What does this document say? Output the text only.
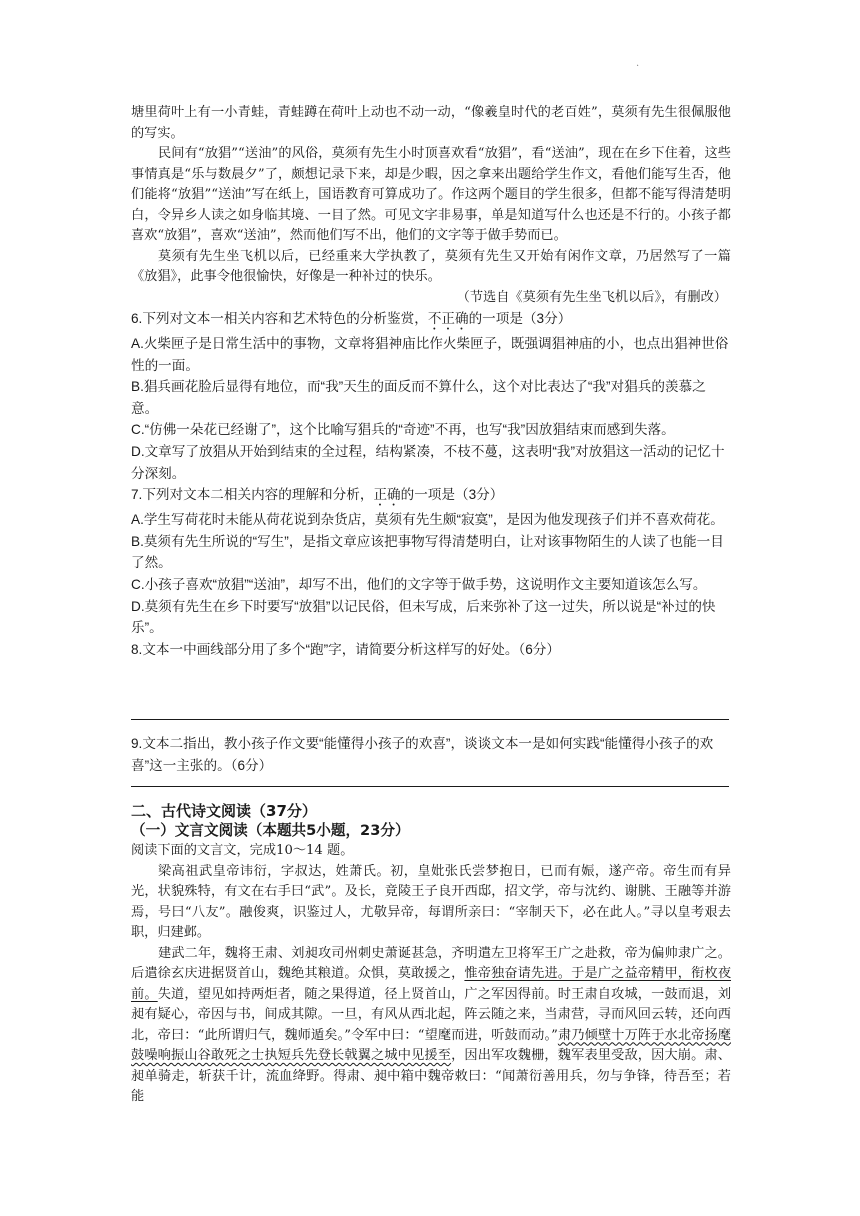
.

塘里荷叶上有一小青蛙，青蛙蹲在荷叶上动也不动一动，“像羲皇时代的老百姓”，莫须有先生很佩服他的写实。

民间有“放猖”“送油”的风俗，莫须有先生小时顶喜欢看“放猖”，看“送油”，现在在乡下住着，这些事情真是“乐与数晨夕”了，颇想记录下来，却是少暇，因之拿来出题给学生作文，看他们能写生否，他们能将“放猖”“送油”写在纸上，国语教育可算成功了。作这两个题目的学生很多，但都不能写得清楚明白，令异乡人读之如身临其境、一目了然。可见文字非易事，单是知道写什么也还是不行的。小孩子都喜欢“放猖”，喜欢“送油”，然而他们写不出，他们的文字等于做手势而已。

莫须有先生坐飞机以后，已经重来大学执教了，莫须有先生又开始有闲作文章，乃居然写了一篇《放猖》，此事令他很愉快，好像是一种补过的快乐。

（节选自《莫须有先生坐飞机以后》，有删改）

6.下列对文本一相关内容和艺术特色的分析鉴赏，不正确的一项是（3分）

A.火柴匣子是日常生活中的事物，文章将猖神庙比作火柴匣子，既强调猖神庙的小，也点出猖神世俗性的一面。

B.猖兵画花脸后显得有地位，而“我”天生的面反而不算什么，这个对比表达了“我”对猖兵的羡慕之意。

C.“仿佛一朵花已经谢了”，这个比喻写猖兵的“奇迹”不再，也写“我”因放猖结束而感到失落。

D.文章写了放猖从开始到结束的全过程，结构紧凑，不枝不蔓，这表明“我”对放猖这一活动的记忆十分深刻。

7.下列对文本二相关内容的理解和分析，正确的一项是（3分）

A.学生写荷花时未能从荷花说到杂货店，莫须有先生颇“寂寞”，是因为他发现孩子们并不喜欢荷花。

B.莫须有先生所说的“写生”，是指文章应该把事物写得清楚明白，让对该事物陌生的人读了也能一目了然。

C.小孩子喜欢“放猖”“送油”，却写不出，他们的文字等于做手势，这说明作文主要知道该怎么写。

D.莫须有先生在乡下时要写“放猖”以记民俗，但未写成，后来弥补了这一过失，所以说是“补过的快乐”。

8.文本一中画线部分用了多个“跑”字，请简要分析这样写的好处。（6分）

9.文本二指出，教小孩子作文要“能懂得小孩子的欢喜”，谈谈文本一是如何实践“能懂得小孩子的欢喜”这一主张的。（6分）

二、古代诗文阅读（37分）

（一）文言文阅读（本题共5小题，23分）

阅读下面的文言文，完成10～14 题。

梁高祖武皇帝讳衍，字叔达，姓萧氏。初，皇妣张氏尝梦抱日，已而有娠，遂产帝。帝生而有异光，状貌殊特，有文在右手曰“武”。及长，竟陵王子良开西邸，招文学，帝与沈约、谢朓、王融等并游焉，号曰“八友”。融俊爽，识鉴过人，尤敬异帝，每谓所亲曰：“宰制天下，必在此人。”寻以皇考艰去职，归建邺。

建武二年，魏将王肃、刘昶攻司州刺史萧诞甚急，齐明遣左卫将军王广之赴救，帝为偏帅隶广之。后遣徐玄庆进据贤首山，魏绝其粮道。众惧，莫敢援之，惟帝独奋请先进。于是广之益帝精甲，衔枚夜前。失道，望见如持两炬者，随之果得道，径上贤首山，广之军因得前。时王肃自攻城，一鼓而退，刘昶有疑心，帝因与书，间成其隙。一旦，有风从西北起，阵云随之来，当肃营，寻而风回云转，还向西北，帝曰：“此所谓归气，魏师遁矣。”令军中曰：“望麾而进，听鼓而动。”肃乃倾壁十万阵于水北帝扬麾鼓噪响振山谷敢死之士执短兵先登长戟翼之城中见援至，因出军攻魏栅，魏军表里受敌，因大崩。肃、昶单骑走，斩获千计，流血绛野。得肃、昶中箱中魏帝敕曰：“闻萧衍善用兵，勿与争锋，待吾至；若能
